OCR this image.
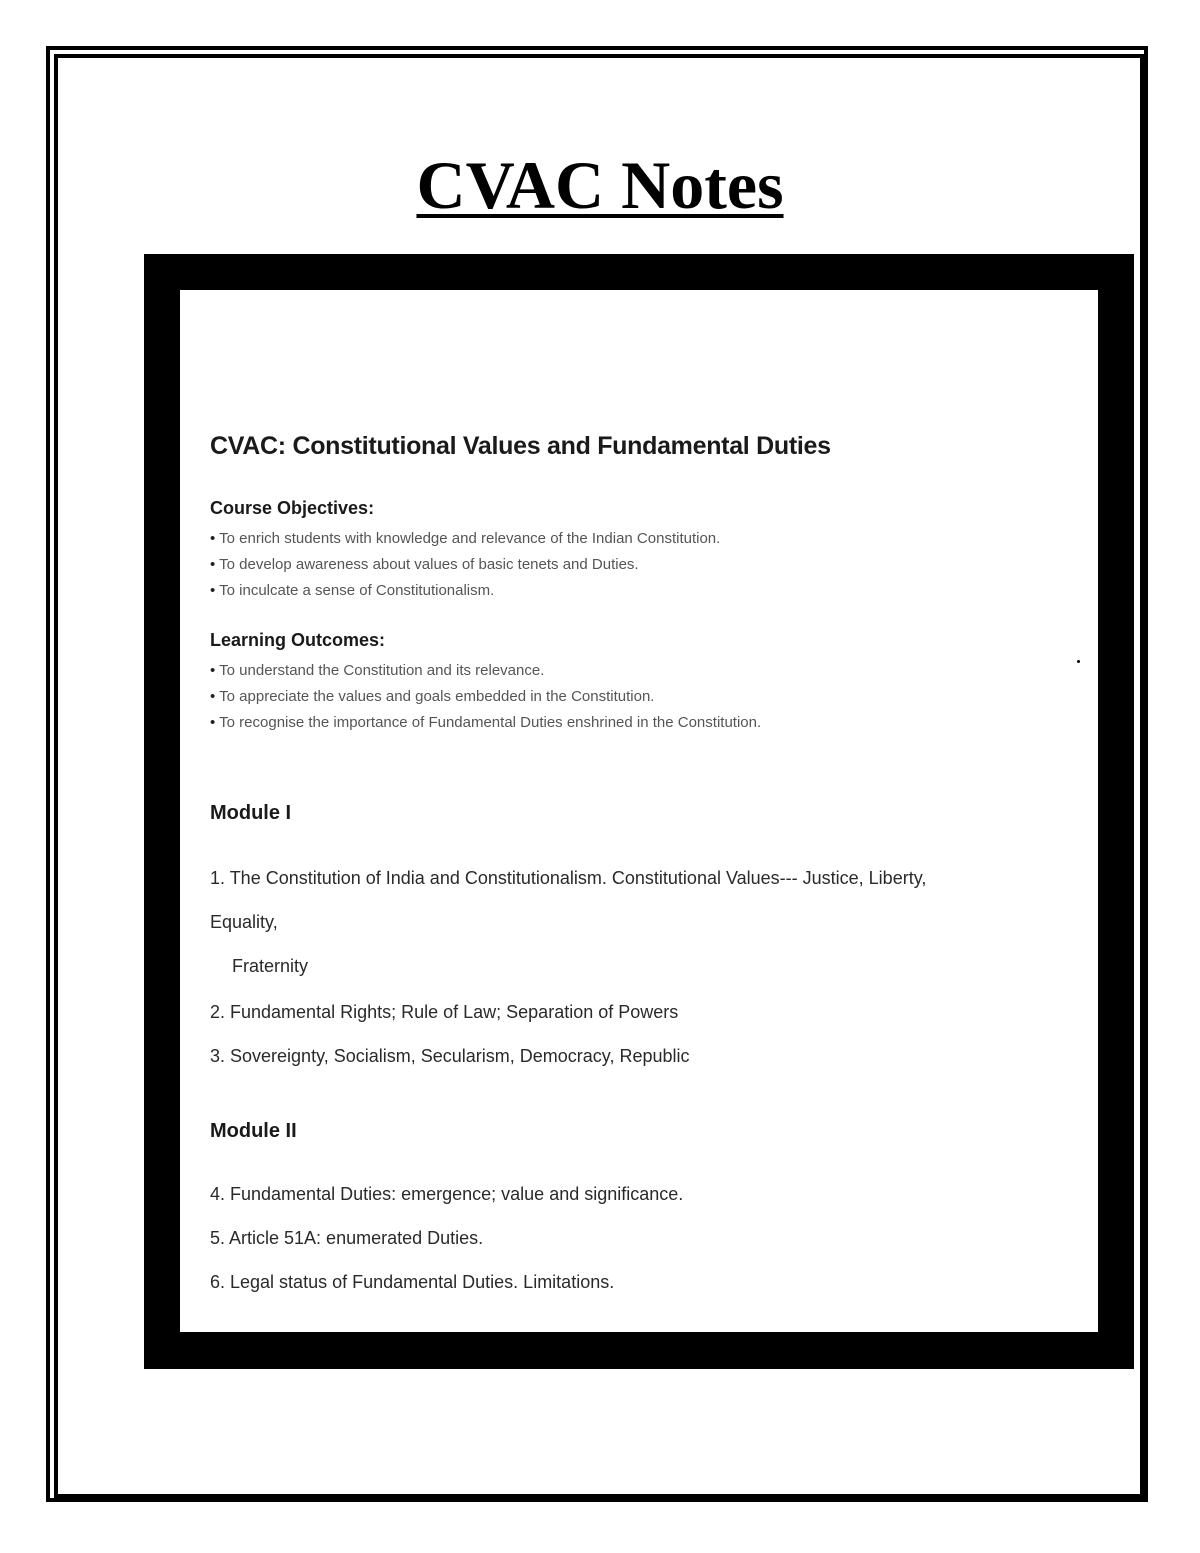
CVAC Notes
CVAC: Constitutional Values and Fundamental Duties
Course Objectives:
• To enrich students with knowledge and relevance of the Indian Constitution.
• To develop awareness about values of basic tenets and Duties.
• To inculcate a sense of Constitutionalism.
Learning Outcomes:
• To understand the Constitution and its relevance.
• To appreciate the values and goals embedded in the Constitution.
• To recognise the importance of Fundamental Duties enshrined in the Constitution.
Module I

1. The Constitution of India and Constitutionalism. Constitutional Values--- Justice, Liberty,

Equality,

Fraternity

2. Fundamental Rights; Rule of Law; Separation of Powers

3. Sovereignty, Socialism, Secularism, Democracy, Republic

Module II

4. Fundamental Duties: emergence; value and significance.

5. Article 51A: enumerated Duties.

6. Legal status of Fundamental Duties. Limitations.
